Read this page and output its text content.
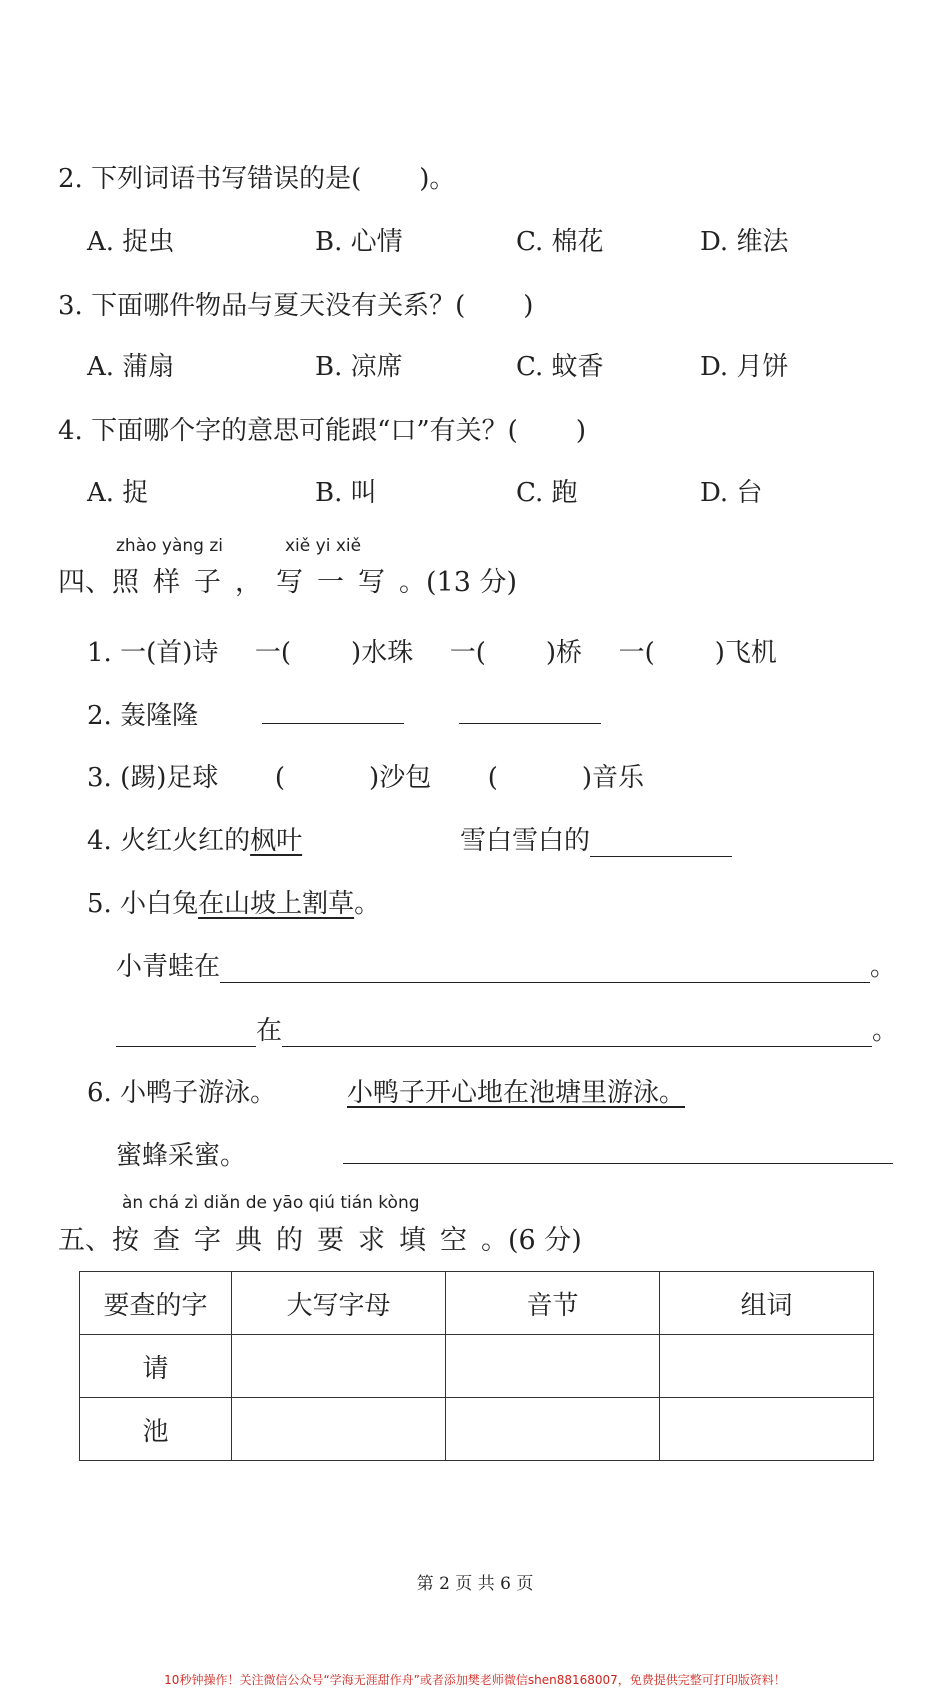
2. 下列词语书写错误的是( )。
A. 捉虫	B. 心情	C. 棉花	D. 维法
3. 下面哪件物品与夏天没有关系？( )
A. 蒲扇	B. 凉席	C. 蚊香	D. 月饼
4. 下面哪个字的意思可能跟“口”有关？( )
A. 捉	B. 叫	C. 跑	D. 台
zhào yàng zi	xiě yi xiě
四、照样子，写一写。(13 分)
1. 一(首)诗 一( )水珠 一( )桥 一( )飞机
2. 轰隆隆
3. (踢)足球 (	)沙包 (	)音乐
4. 火红火红的枫叶	雪白雪白的
5. 小白兔在山坡上割草。
小青蛙在	。
在	。
6. 小鸭子游泳。	小鸭子开心地在池塘里游泳。
蜜蜂采蜜。
àn chá zì diǎn de yāo qiú tián kòng
五、按查字典的要求填空。(6 分)
要查的字	大写字母	音节	组词
请			
池			
第 2 页 共 6 页
10秒钟操作！关注微信公众号“学海无涯甜作舟”或者添加樊老师微信shen88168007，免费提供完整可打印版资料！
